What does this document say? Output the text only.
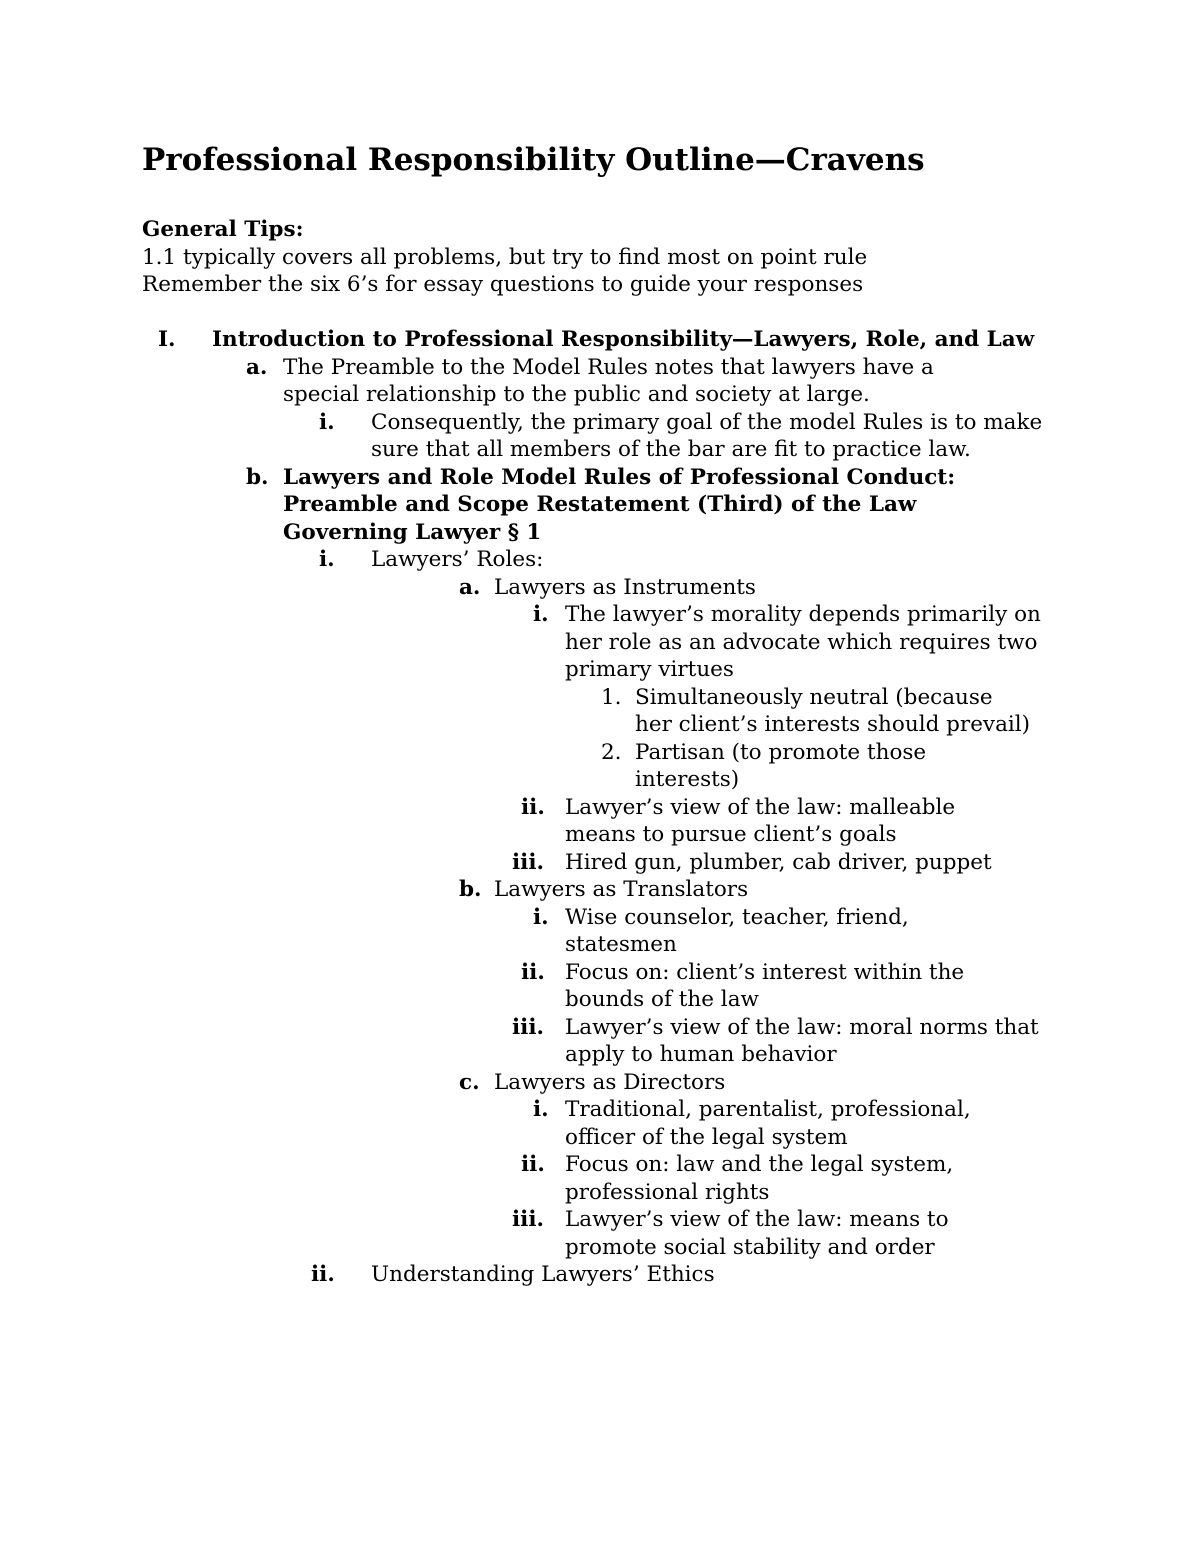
Professional Responsibility Outline—Cravens
General Tips:
1.1 typically covers all problems, but try to find most on point rule
Remember the six 6’s for essay questions to guide your responses
I. Introduction to Professional Responsibility—Lawyers, Role, and Law
a. The Preamble to the Model Rules notes that lawyers have a special relationship to the public and society at large.
i. Consequently, the primary goal of the model Rules is to make sure that all members of the bar are fit to practice law.
b. Lawyers and Role Model Rules of Professional Conduct: Preamble and Scope Restatement (Third) of the Law Governing Lawyer § 1
i. Lawyers’ Roles:
a. Lawyers as Instruments
i. The lawyer’s morality depends primarily on her role as an advocate which requires two primary virtues
1. Simultaneously neutral (because her client’s interests should prevail)
2. Partisan (to promote those interests)
ii. Lawyer’s view of the law: malleable means to pursue client’s goals
iii. Hired gun, plumber, cab driver, puppet
b. Lawyers as Translators
i. Wise counselor, teacher, friend, statesmen
ii. Focus on: client’s interest within the bounds of the law
iii. Lawyer’s view of the law: moral norms that apply to human behavior
c. Lawyers as Directors
i. Traditional, parentalist, professional, officer of the legal system
ii. Focus on: law and the legal system, professional rights
iii. Lawyer’s view of the law: means to promote social stability and order
ii. Understanding Lawyers’ Ethics
